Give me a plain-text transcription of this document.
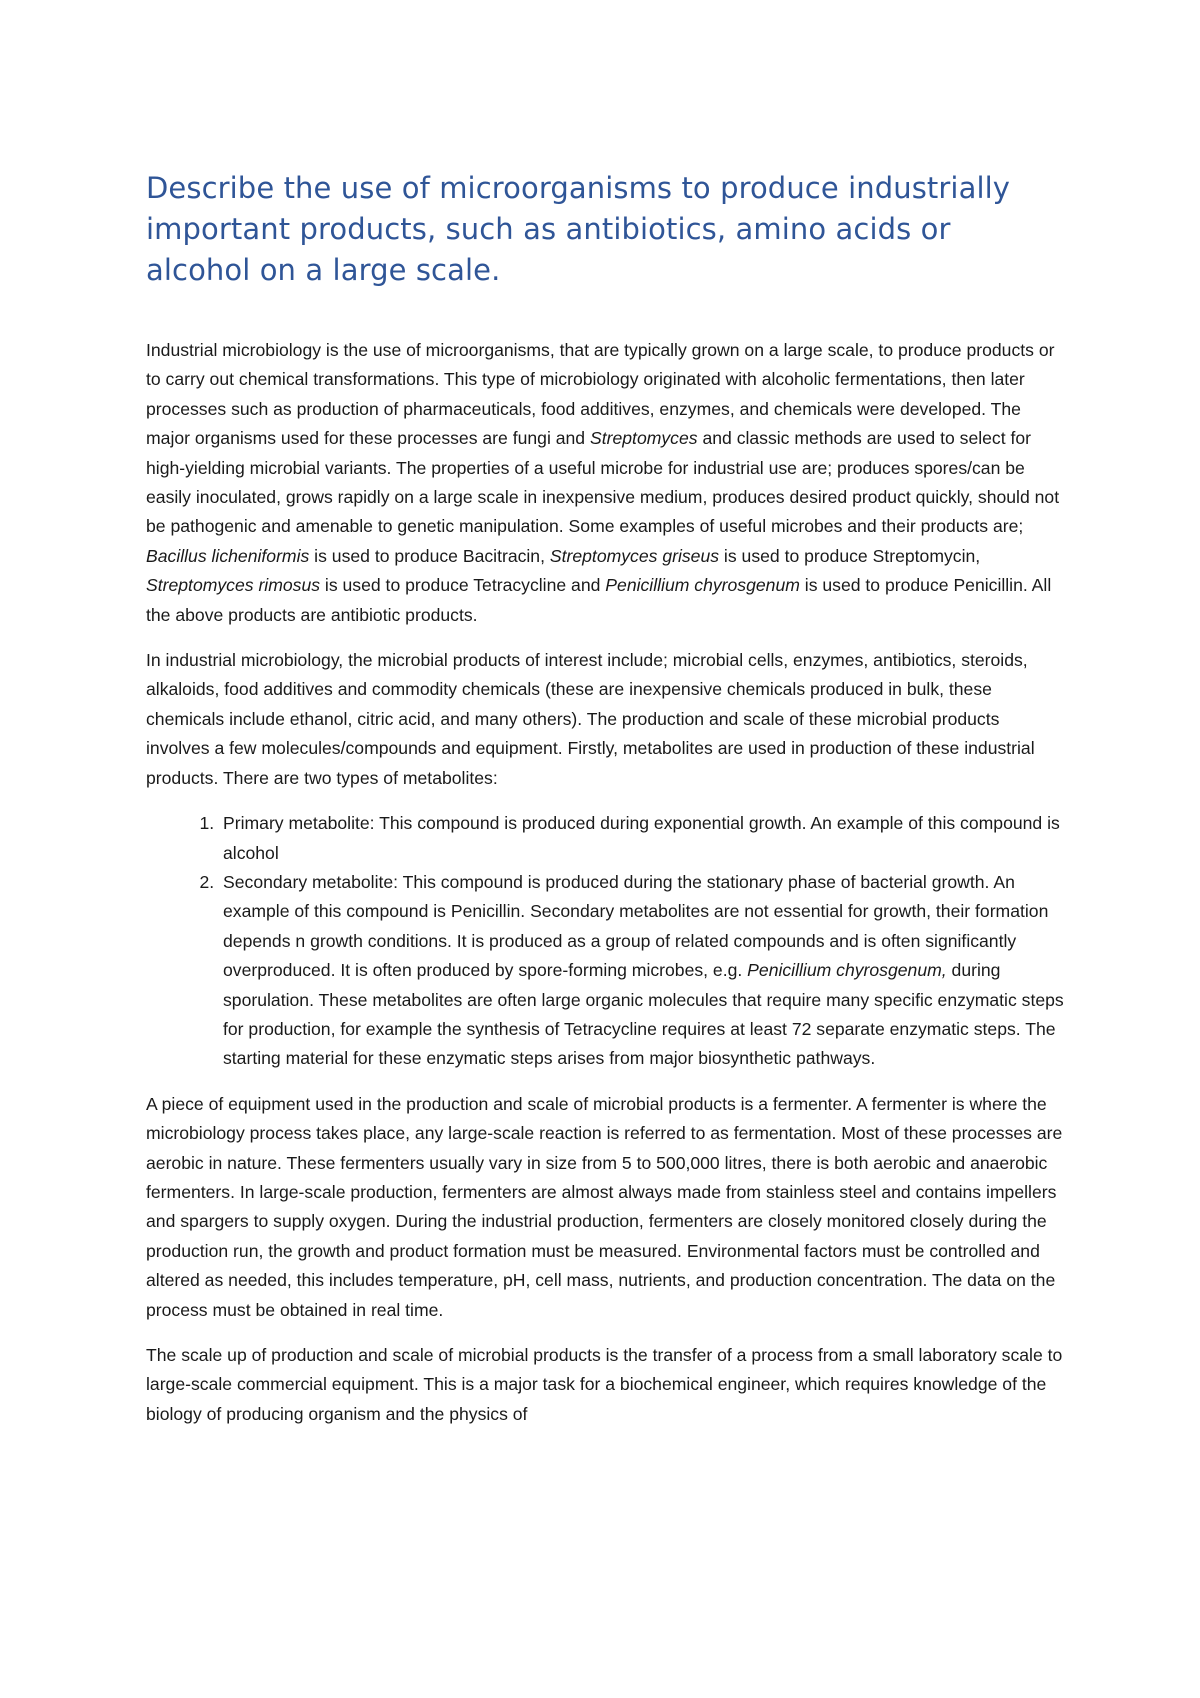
Describe the use of microorganisms to produce industrially important products, such as antibiotics, amino acids or alcohol on a large scale.

Industrial microbiology is the use of microorganisms, that are typically grown on a large scale, to produce products or to carry out chemical transformations. This type of microbiology originated with alcoholic fermentations, then later processes such as production of pharmaceuticals, food additives, enzymes, and chemicals were developed. The major organisms used for these processes are fungi and Streptomyces and classic methods are used to select for high-yielding microbial variants. The properties of a useful microbe for industrial use are; produces spores/can be easily inoculated, grows rapidly on a large scale in inexpensive medium, produces desired product quickly, should not be pathogenic and amenable to genetic manipulation. Some examples of useful microbes and their products are; Bacillus licheniformis is used to produce Bacitracin, Streptomyces griseus is used to produce Streptomycin, Streptomyces rimosus is used to produce Tetracycline and Penicillium chyrosgenum is used to produce Penicillin. All the above products are antibiotic products.

In industrial microbiology, the microbial products of interest include; microbial cells, enzymes, antibiotics, steroids, alkaloids, food additives and commodity chemicals (these are inexpensive chemicals produced in bulk, these chemicals include ethanol, citric acid, and many others). The production and scale of these microbial products involves a few molecules/compounds and equipment. Firstly, metabolites are used in production of these industrial products. There are two types of metabolites:

1. Primary metabolite: This compound is produced during exponential growth. An example of this compound is alcohol
2. Secondary metabolite: This compound is produced during the stationary phase of bacterial growth. An example of this compound is Penicillin. Secondary metabolites are not essential for growth, their formation depends n growth conditions. It is produced as a group of related compounds and is often significantly overproduced. It is often produced by spore-forming microbes, e.g. Penicillium chyrosgenum, during sporulation. These metabolites are often large organic molecules that require many specific enzymatic steps for production, for example the synthesis of Tetracycline requires at least 72 separate enzymatic steps. The starting material for these enzymatic steps arises from major biosynthetic pathways.

A piece of equipment used in the production and scale of microbial products is a fermenter. A fermenter is where the microbiology process takes place, any large-scale reaction is referred to as fermentation. Most of these processes are aerobic in nature. These fermenters usually vary in size from 5 to 500,000 litres, there is both aerobic and anaerobic fermenters. In large-scale production, fermenters are almost always made from stainless steel and contains impellers and spargers to supply oxygen. During the industrial production, fermenters are closely monitored closely during the production run, the growth and product formation must be measured. Environmental factors must be controlled and altered as needed, this includes temperature, pH, cell mass, nutrients, and production concentration. The data on the process must be obtained in real time.

The scale up of production and scale of microbial products is the transfer of a process from a small laboratory scale to large-scale commercial equipment. This is a major task for a biochemical engineer, which requires knowledge of the biology of producing organism and the physics of
